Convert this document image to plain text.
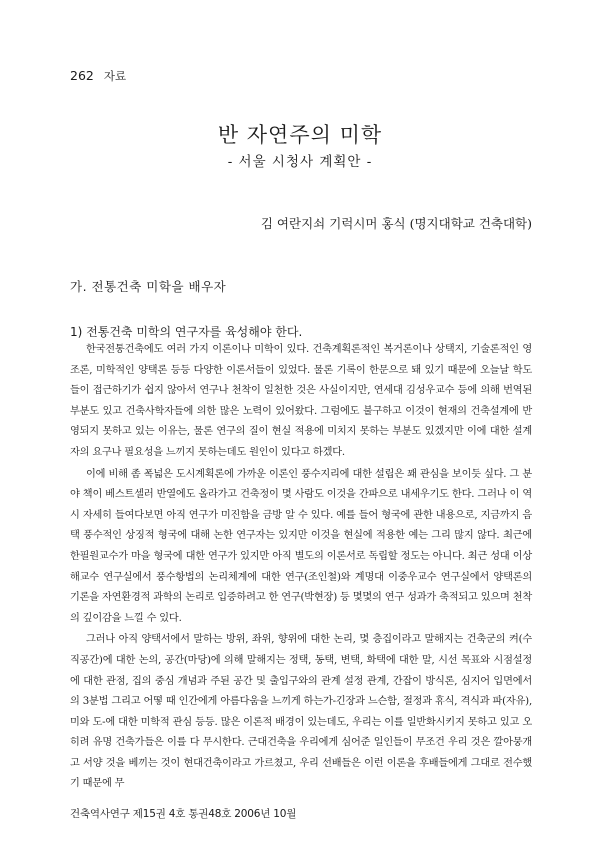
262 자료
반 자연주의 미학
- 서울 시청사 계획안 -
김 여란지쇠 기럭시머 홍식 (명지대학교 건축대학)
가. 전통건축 미학을 배우자
1) 전통건축 미학의 연구자를 육성해야 한다.

한국전통건축에도 여러 가지 이론이나 미학이 있다. 건축계획론적인 복거론이나 상택지, 기술론적인 영조론, 미학적인 양택론 등등 다양한 이론서들이 있었다. 물론 기록이 한문으로 돼 있기 때문에 오늘날 학도들이 접근하기가 쉽지 않아서 연구나 천착이 일천한 것은 사실이지만, 연세대 김성우교수 등에 의해 번역된 부분도 있고 건축사학자들에 의한 많은 노력이 있어왔다. 그럼에도 불구하고 이것이 현재의 건축설계에 반영되지 못하고 있는 이유는, 물론 연구의 질이 현실 적용에 미치지 못하는 부분도 있겠지만 이에 대한 설계자의 요구나 필요성을 느끼지 못하는데도 원인이 있다고 하겠다.

이에 비해 좀 폭넓은 도시계획론에 가까운 이론인 풍수지리에 대한 설립은 꽤 관심을 보이듯 싶다. 그 분야 책이 베스트셀러 반열에도 올라가고 건축정이 몇 사람도 이것을 간파으로 내세우기도 한다. 그러나 이 역시 자세히 들여다보면 아직 연구가 미진함을 금방 알 수 있다. 예를 들어 형국에 관한 내용으로, 지금까지 음택 풍수적인 상징적 형국에 대해 논한 연구자는 있지만 이것을 현실에 적용한 예는 그리 많지 않다. 최근에 한필원교수가 마을 형국에 대한 연구가 있지만 아직 별도의 이론서로 독립할 정도는 아니다. 최근 성대 이상해교수 연구실에서 풍수항법의 논리체계에 대한 연구(조인철)와 계명대 이중우교수 연구실에서 양택론의 기론을 자연환경적 과학의 논리로 입증하려고 한 연구(박현장) 등 몇몇의 연구 성과가 축적되고 있으며 천착의 깊이감을 느낄 수 있다.

그러나 아직 양택서에서 말하는 방위, 좌위, 향위에 대한 논리, 몇 층집이라고 말해지는 건축군의 켜(수직공간)에 대한 논의, 공간(마당)에 의해 말해지는 정택, 동택, 변택, 화택에 대한 말, 시선 목표와 시점설정에 대한 관점, 집의 중심 개념과 주된 공간 및 출입구와의 관계 설정 관계, 간잡이 방식론, 심지어 입면에서의 3분법 그리고 어떻 때 인간에게 아름다움을 느끼게 하는가-긴장과 느슨함, 절정과 휴식, 격식과 파(자유), 미와 도-에 대한 미학적 관심 등등. 많은 이론적 배경이 있는데도, 우리는 이를 일반화시키지 못하고 있고 오히려 유명 건축가들은 이를 다 무시한다. 근대건축을 우리에게 심어준 일인들이 무조건 우리 것은 깔아뭉개고 서양 것을 베끼는 것이 현대건축이라고 가르쳤고, 우리 선배들은 이런 이론을 후배들에게 그대로 전수했기 때문에 무

건축역사연구 제15권 4호 통권48호 2006년 10월
